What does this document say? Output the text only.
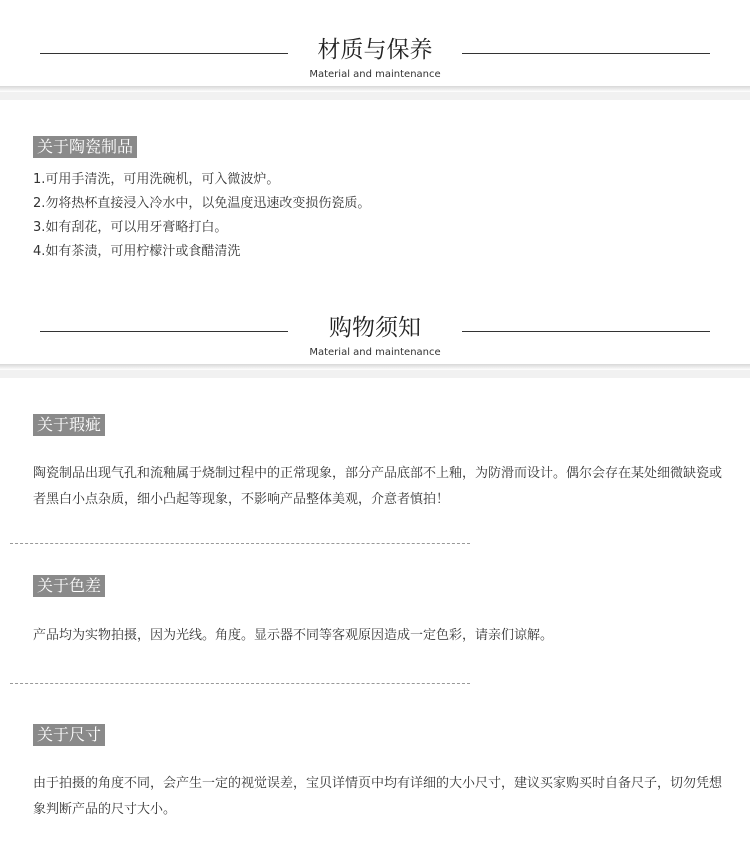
材质与保养
Material and maintenance
关于陶瓷制品
1.可用手清洗，可用洗碗机，可入微波炉。
2.勿将热杯直接浸入冷水中，以免温度迅速改变损伤瓷质。
3.如有刮花，可以用牙膏略打白。
4.如有茶渍，可用柠檬汁或食醋清洗
购物须知
Material and maintenance
关于瑕疵
陶瓷制品出现气孔和流釉属于烧制过程中的正常现象，部分产品底部不上釉，为防滑而设计。偶尔会存在某处细微缺瓷或者黑白小点杂质，细小凸起等现象，不影响产品整体美观，介意者慎拍！
关于色差
产品均为实物拍摄，因为光线。角度。显示器不同等客观原因造成一定色彩，请亲们谅解。
关于尺寸
由于拍摄的角度不同，会产生一定的视觉误差，宝贝详情页中均有详细的大小尺寸，建议买家购买时自备尺子，切勿凭想象判断产品的尺寸大小。
